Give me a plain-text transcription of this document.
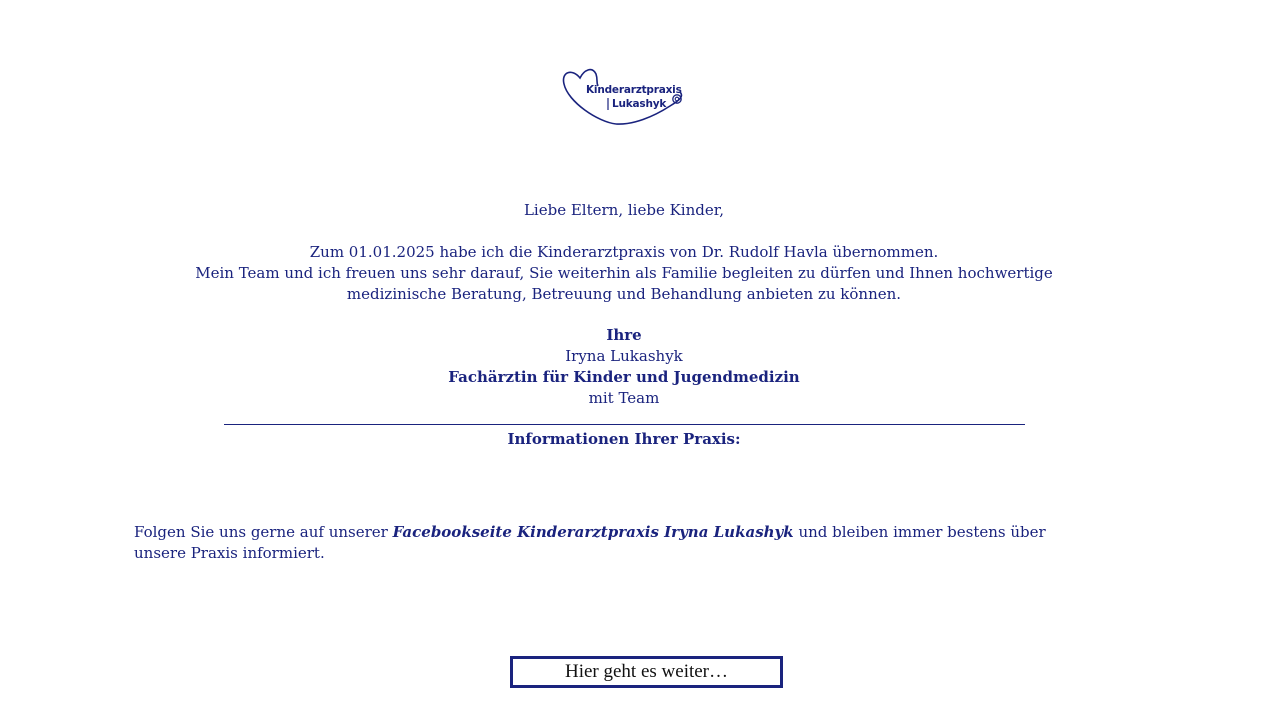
Kinderarztpraxis
Lukashyk
Liebe Eltern, liebe Kinder,
Zum 01.01.2025 habe ich die Kinderarztpraxis von Dr. Rudolf Havla übernommen.
Mein Team und ich freuen uns sehr darauf, Sie weiterhin als Familie begleiten zu dürfen und Ihnen hochwertige
medizinische Beratung, Betreuung und Behandlung anbieten zu können.
Ihre
Iryna Lukashyk
Fachärztin für Kinder und Jugendmedizin
mit Team
Informationen Ihrer Praxis:
Folgen Sie uns gerne auf unserer Facebookseite Kinderarztpraxis Iryna Lukashyk und bleiben immer bestens über
unsere Praxis informiert.
Hier geht es weiter…
